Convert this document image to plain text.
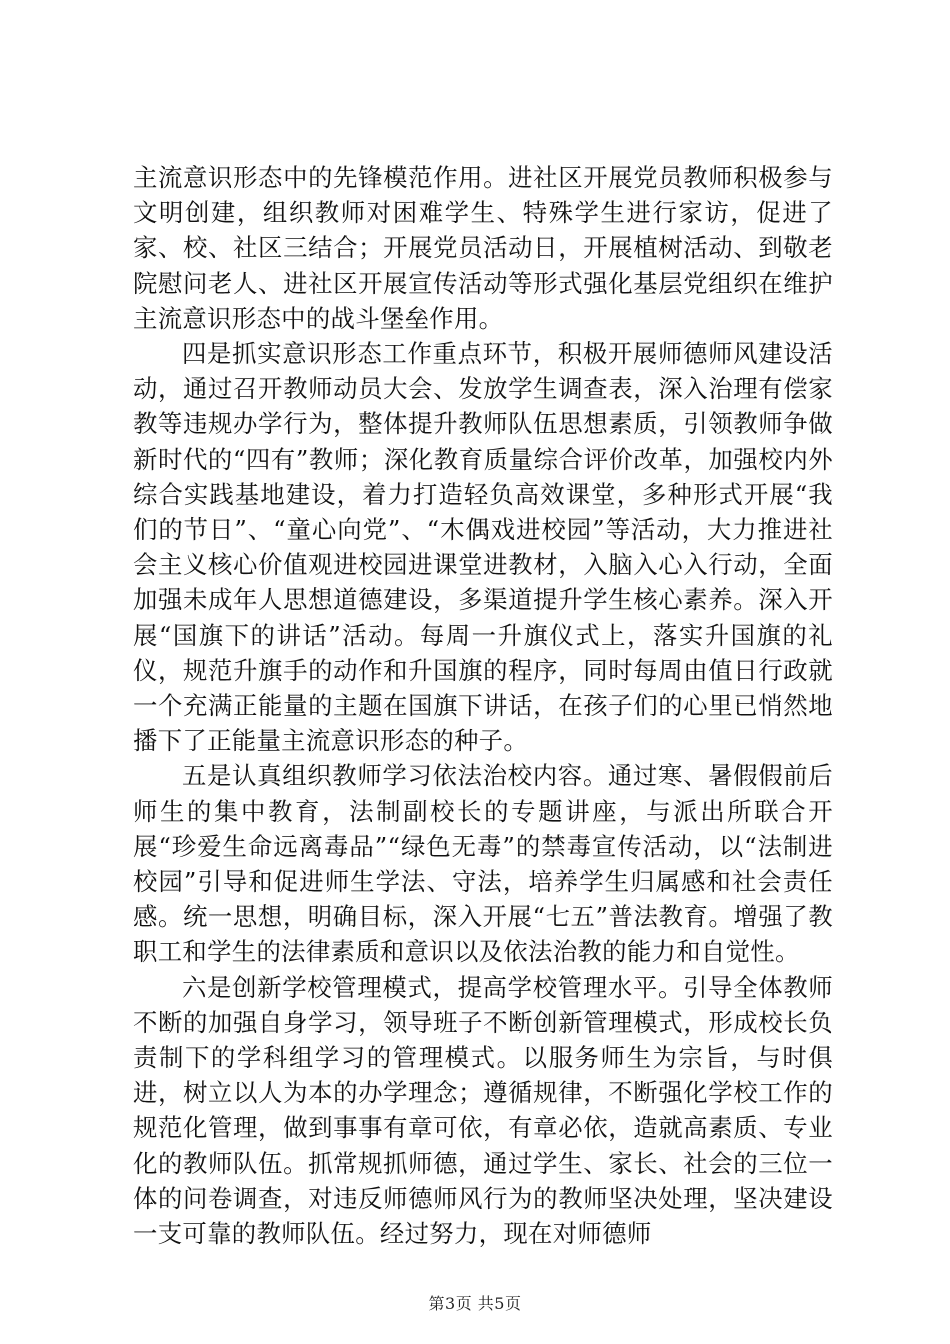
主流意识形态中的先锋模范作用。进社区开展党员教师积极参与文明创建，组织教师对困难学生、特殊学生进行家访，促进了家、校、社区三结合；开展党员活动日，开展植树活动、到敬老院慰问老人、进社区开展宣传活动等形式强化基层党组织在维护主流意识形态中的战斗堡垒作用。

四是抓实意识形态工作重点环节，积极开展师德师风建设活动，通过召开教师动员大会、发放学生调查表，深入治理有偿家教等违规办学行为，整体提升教师队伍思想素质，引领教师争做新时代的“四有”教师；深化教育质量综合评价改革，加强校内外综合实践基地建设，着力打造轻负高效课堂，多种形式开展“我们的节日”、“童心向党”、“木偶戏进校园”等活动，大力推进社会主义核心价值观进校园进课堂进教材，入脑入心入行动，全面加强未成年人思想道德建设，多渠道提升学生核心素养。深入开展“国旗下的讲话”活动。每周一升旗仪式上，落实升国旗的礼仪，规范升旗手的动作和升国旗的程序，同时每周由值日行政就一个充满正能量的主题在国旗下讲话，在孩子们的心里已悄然地播下了正能量主流意识形态的种子。

五是认真组织教师学习依法治校内容。通过寒、暑假假前后师生的集中教育，法制副校长的专题讲座，与派出所联合开展“珍爱生命远离毒品”“绿色无毒”的禁毒宣传活动，以“法制进校园”引导和促进师生学法、守法，培养学生归属感和社会责任感。统一思想，明确目标，深入开展“七五”普法教育。增强了教职工和学生的法律素质和意识以及依法治教的能力和自觉性。

六是创新学校管理模式，提高学校管理水平。引导全体教师不断的加强自身学习，领导班子不断创新管理模式，形成校长负责制下的学科组学习的管理模式。以服务师生为宗旨，与时俱进，树立以人为本的办学理念；遵循规律，不断强化学校工作的规范化管理，做到事事有章可依，有章必依，造就高素质、专业化的教师队伍。抓常规抓师德，通过学生、家长、社会的三位一体的问卷调查，对违反师德师风行为的教师坚决处理，坚决建设一支可靠的教师队伍。经过努力，现在对师德师

第3页 共5页
